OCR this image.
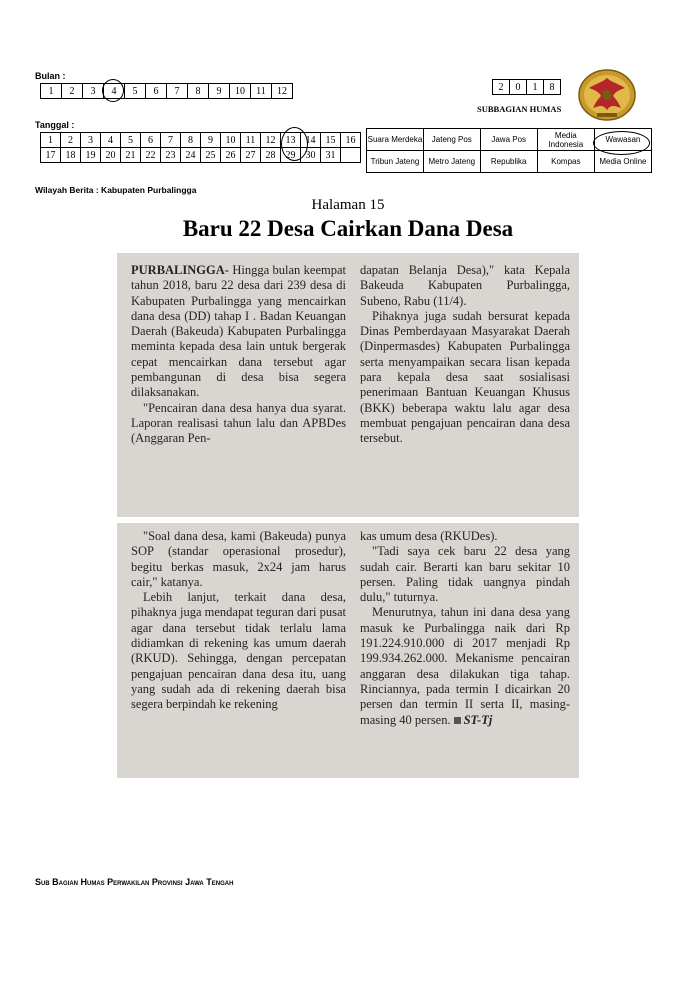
Bulan :
1	2	3	4	5	6	7	8	9	10	11	12
Tanggal :
1	2	3	4	5	6	7	8	9	10	11	12	13	14	15	16
17	18	19	20	21	22	23	24	25	26	27	28	29	30	31	
2	0	1	8
SUBBAGIAN HUMAS
Suara Merdeka	Jateng Pos	Jawa Pos	Media Indonesia	Wawasan
Tribun Jateng	Metro Jateng	Republika	Kompas	Media Online
Wilayah Berita : Kabupaten Purbalingga
Halaman 15
Baru 22 Desa Cairkan Dana Desa

PURBALINGGA- Hingga bulan keempat tahun 2018, baru 22 desa dari 239 desa di Kabupaten Purbalingga yang mencairkan dana desa (DD) tahap I . Badan Keuangan Daerah (Bakeuda) Kabupaten Purbalingga meminta kepada desa lain untuk bergerak cepat mencairkan dana tersebut agar pembangunan di desa bisa segera dilaksanakan.

"Pencairan dana desa hanya dua syarat. Laporan realisasi tahun lalu dan APBDes (Anggaran Pen-

dapatan Belanja Desa)," kata Kepala Bakeuda Kabupaten Purbalingga, Subeno, Rabu (11/4).

Pihaknya juga sudah bersurat kepada Dinas Pemberdayaan Masyarakat Daerah (Dinpermasdes) Kabupaten Purbalingga serta menyampaikan secara lisan kepada para kepala desa saat sosialisasi penerimaan Bantuan Keuangan Khusus (BKK) beberapa waktu lalu agar desa membuat pengajuan pencairan dana desa tersebut.

"Soal dana desa, kami (Bakeuda) punya SOP (standar operasional prosedur), begitu berkas masuk, 2x24 jam harus cair," katanya.

Lebih lanjut, terkait dana desa, pihaknya juga mendapat teguran dari pusat agar dana tersebut tidak terlalu lama didiamkan di rekening kas umum daerah (RKUD). Sehingga, dengan percepatan pengajuan pencairan dana desa itu, uang yang sudah ada di rekening daerah bisa segera berpindah ke rekening

kas umum desa (RKUDes).

"Tadi saya cek baru 22 desa yang sudah cair. Berarti kan baru sekitar 10 persen. Paling tidak uangnya pindah dulu," tuturnya.

Menurutnya, tahun ini dana desa yang masuk ke Purbalingga naik dari Rp 191.224.910.000 di 2017 menjadi Rp 199.934.262.000. Mekanisme pencairan anggaran desa dilakukan tiga tahap. Rinciannya, pada termin I dicairkan 20 persen dan termin II serta II, masing-masing 40 persen. ST-Tj

Sub Bagian Humas Perwakilan Provinsi Jawa Tengah
